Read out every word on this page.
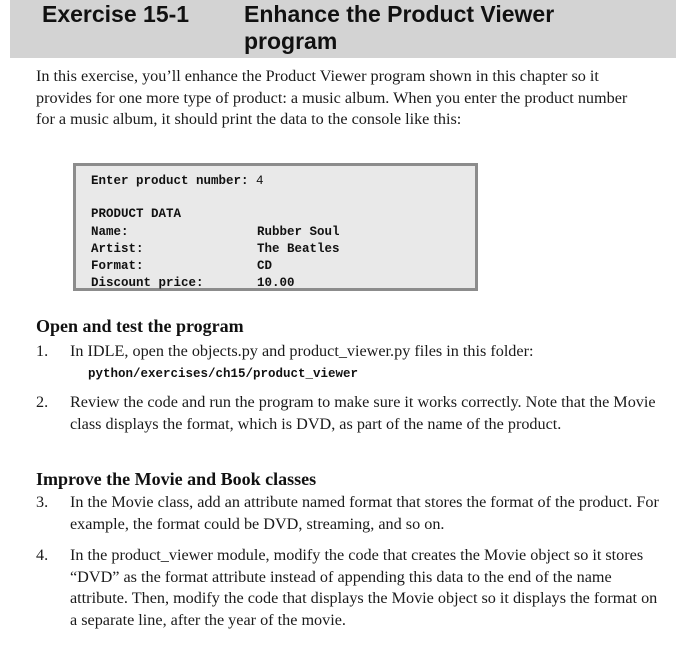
Exercise 15-1 Enhance the Product Viewer program
In this exercise, you’ll enhance the Product Viewer program shown in this chapter so it provides for one more type of product: a music album. When you enter the product number for a music album, it should print the data to the console like this:
Enter product number: 4
PRODUCT DATA
Name:	Rubber Soul
Artist:	The Beatles
Format:	CD
Discount price:	10.00
Open and test the program
1. In IDLE, open the objects.py and product_viewer.py files in this folder:
python/exercises/ch15/product_viewer
2. Review the code and run the program to make sure it works correctly. Note that the Movie class displays the format, which is DVD, as part of the name of the product.
Improve the Movie and Book classes
3. In the Movie class, add an attribute named format that stores the format of the product. For example, the format could be DVD, streaming, and so on.
4. In the product_viewer module, modify the code that creates the Movie object so it stores “DVD” as the format attribute instead of appending this data to the end of the name attribute. Then, modify the code that displays the Movie object so it displays the format on a separate line, after the year of the movie.
